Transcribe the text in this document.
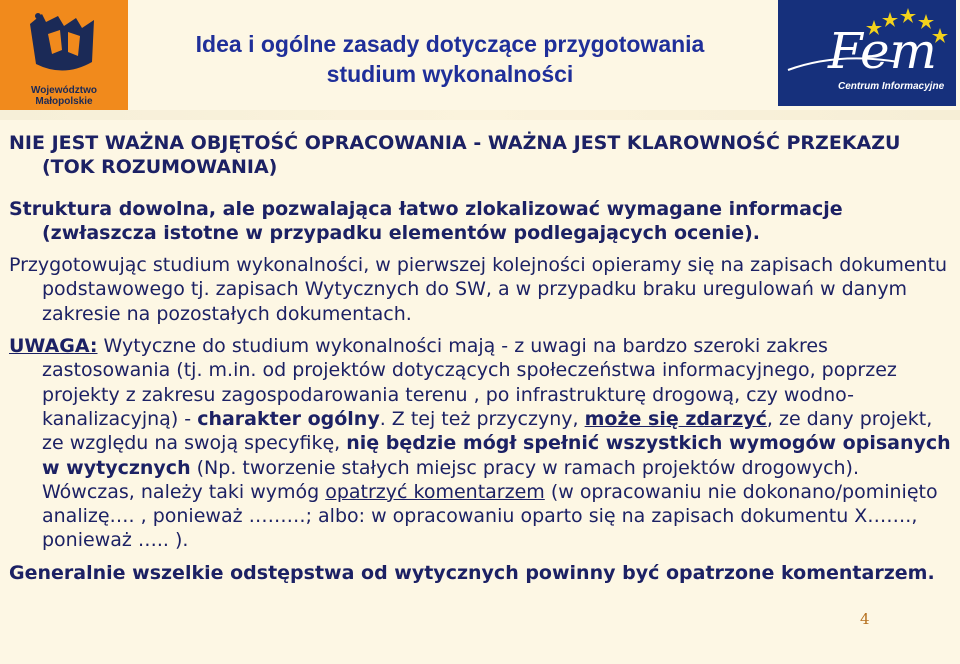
Województwo
Małopolskie
Idea i ogólne zasady dotyczące przygotowania
studium wykonalności	Fem
Centrum Informacyjne

NIE JEST WAŻNA OBJĘTOŚĆ OPRACOWANIA - WAŻNA JEST KLAROWNOŚĆ PRZEKAZU (TOK ROZUMOWANIA)

Struktura dowolna, ale pozwalająca łatwo zlokalizować wymagane informacje (zwłaszcza istotne w przypadku elementów podlegających ocenie).

Przygotowując studium wykonalności, w pierwszej kolejności opieramy się na zapisach dokumentu podstawowego tj. zapisach Wytycznych do SW, a w przypadku braku uregulowań w danym zakresie na pozostałych dokumentach.

UWAGA: Wytyczne do studium wykonalności mają - z uwagi na bardzo szeroki zakres zastosowania (tj. m.in. od projektów dotyczących społeczeństwa informacyjnego, poprzez projekty z zakresu zagospodarowania terenu , po infrastrukturę drogową, czy wodno-kanalizacyjną) - charakter ogólny. Z tej też przyczyny, może się zdarzyć, ze dany projekt, ze względu na swoją specyfikę, nię będzie mógł spełnić wszystkich wymogów opisanych w wytycznych (Np. tworzenie stałych miejsc pracy w ramach projektów drogowych). Wówczas, należy taki wymóg opatrzyć komentarzem (w opracowaniu nie dokonano/pominięto analizę…. , ponieważ ………; albo: w opracowaniu oparto się na zapisach dokumentu X……., ponieważ ….. ).

Generalnie wszelkie odstępstwa od wytycznych powinny być opatrzone komentarzem.

4
